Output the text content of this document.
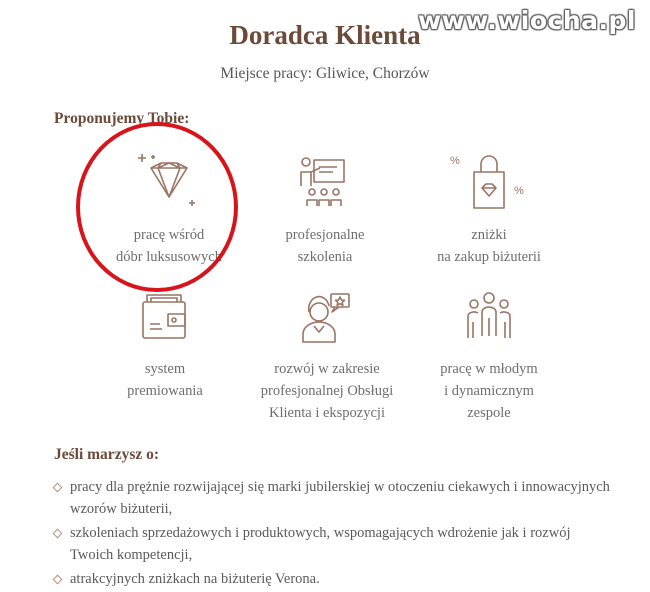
www.wiocha.pl
Doradca Klienta
Miejsce pracy: Gliwice, Chorzów
Proponujemy Tobie:
pracę wśród
dóbr luksusowych
profesjonalne
szkolenia
%
%
zniżki
na zakup biżuterii
system
premiowania
rozwój w zakresie
profesjonalnej Obsługi
Klienta i ekspozycji
pracę w młodym
i dynamicznym
zespole
Jeśli marzysz o:
pracy dla prężnie rozwijającej się marki jubilerskiej w otoczeniu ciekawych i innowacyjnych wzorów biżuterii,
szkoleniach sprzedażowych i produktowych, wspomagających wdrożenie jak i rozwój Twoich kompetencji,
atrakcyjnych zniżkach na biżuterię Verona.
